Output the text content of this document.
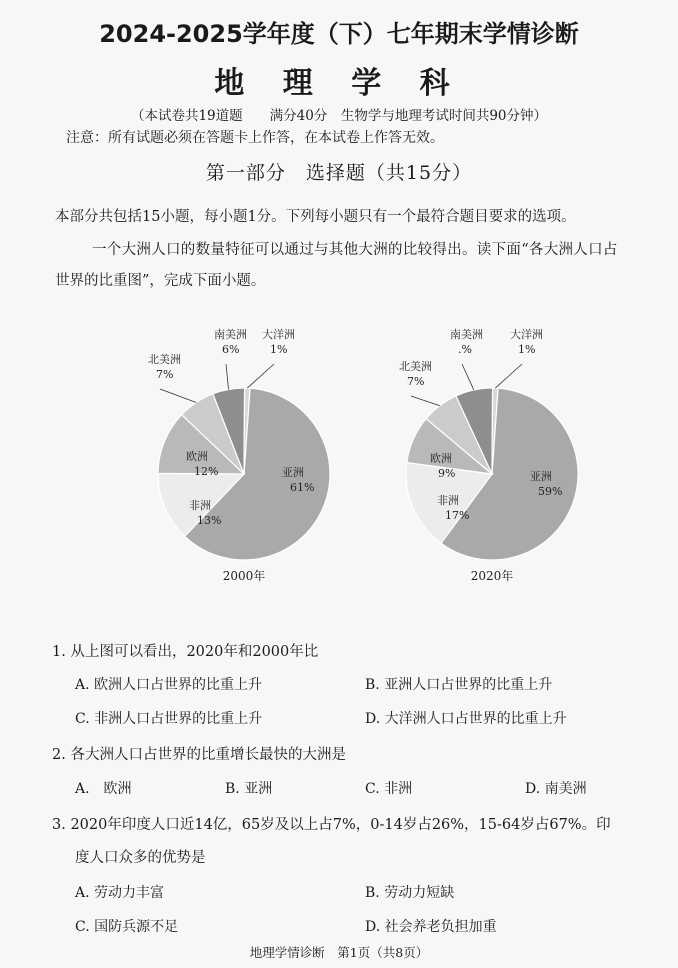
2024-2025学年度（下）七年期末学情诊断
地 理 学 科
（本试卷共19道题　　满分40分　生物学与地理考试时间共90分钟）
注意：所有试题必须在答题卡上作答，在本试卷上作答无效。
第一部分　选择题（共15分）
本部分共包括15小题，每小题1分。下列每小题只有一个最符合题目要求的选项。
一个大洲人口的数量特征可以通过与其他大洲的比较得出。读下面“各大洲人口占
世界的比重图”，完成下面小题。
亚洲
61%
非洲
13%
欧洲
12%
北美洲
7%
南美洲
6%
大洋洲
1%
2000年
亚洲
59%
非洲
17%
欧洲
9%
北美洲
7%
南美洲
.%
大洋洲
1%
2020年
1. 从上图可以看出，2020年和2000年比
A. 欧洲人口占世界的比重上升	B. 亚洲人口占世界的比重上升
C. 非洲人口占世界的比重上升	D. 大洋洲人口占世界的比重上升
2. 各大洲人口占世界的比重增长最快的大洲是
A.　欧洲	B. 亚洲	C. 非洲	D. 南美洲
3. 2020年印度人口近14亿，65岁及以上占7%，0-14岁占26%，15-64岁占67%。印
度人口众多的优势是
A. 劳动力丰富	B. 劳动力短缺
C. 国防兵源不足	D. 社会养老负担加重
地理学情诊断　第1页（共8页）
